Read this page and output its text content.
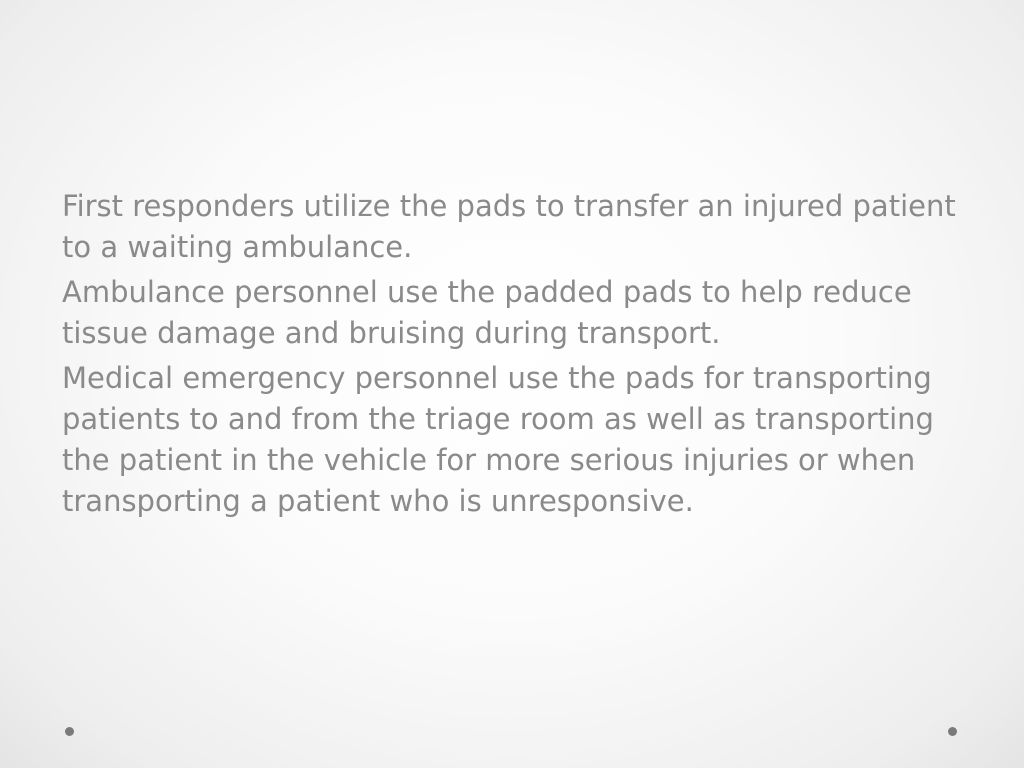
First responders utilize the pads to transfer an injured patient to a waiting ambulance.

Ambulance personnel use the padded pads to help reduce tissue damage and bruising during transport.

Medical emergency personnel use the pads for transporting patients to and from the triage room as well as transporting the patient in the vehicle for more serious injuries or when transporting a patient who is unresponsive.
